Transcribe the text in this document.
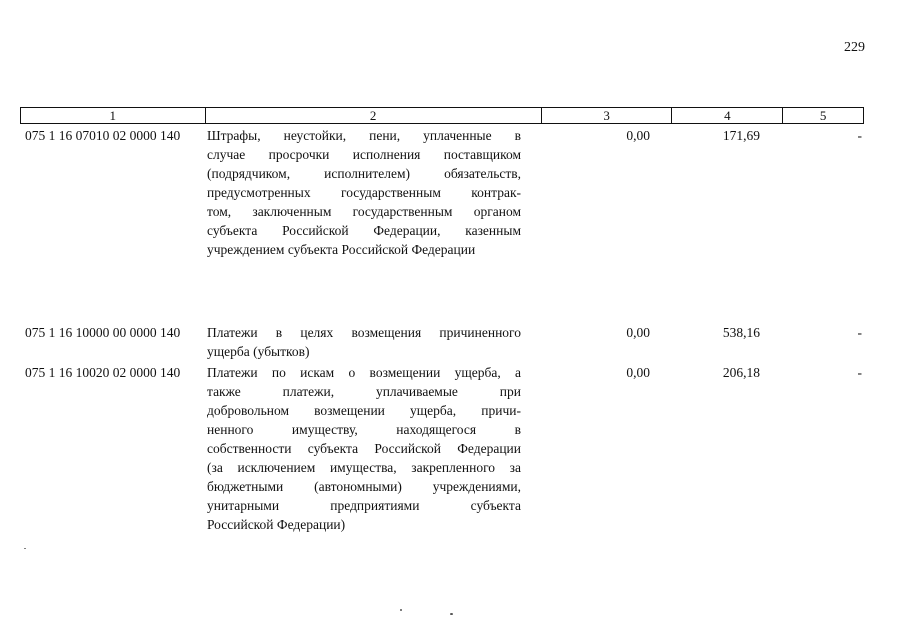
229
1	2	3	4	5
075 1 16 07010 02 0000 140 Штрафы, неустойки, пени, уплаченные в
случае просрочки исполнения поставщиком
(подрядчиком, исполнителем) обязательств,
предусмотренных государственным контрак-
том, заключенным государственным органом
субъекта Российской Федерации, казенным
учреждением субъекта Российской Федерации
0,00	171,69	-
075 1 16 10000 00 0000 140 Платежи в целях возмещения причиненного
ущерба (убытков)
0,00	538,16	-
075 1 16 10020 02 0000 140 Платежи по искам о возмещении ущерба, а
также платежи, уплачиваемые при
добровольном возмещении ущерба, причи-
ненного имуществу, находящегося в
собственности субъекта Российской Федерации
(за исключением имущества, закрепленного за
бюджетными (автономными) учреждениями,
унитарными предприятиями субъекта
Российской Федерации)
0,00	206,18	-
